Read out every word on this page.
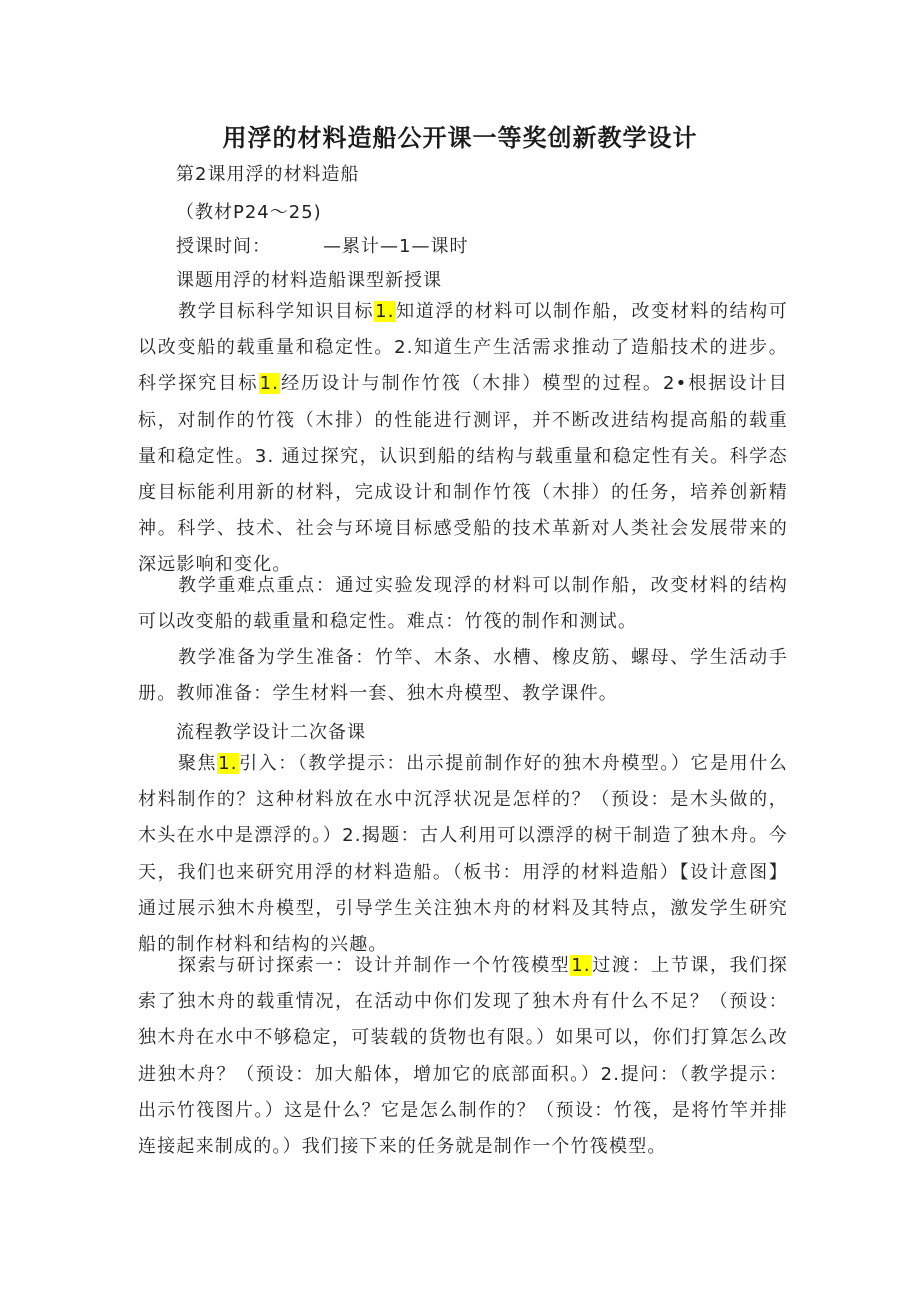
用浮的材料造船公开课一等奖创新教学设计
第2课用浮的材料造船
（教材P24〜25)
授课时间：	—累计—1—课时
课题用浮的材料造船课型新授课

教学目标科学知识目标1.知道浮的材料可以制作船，改变材料的结构可以改变船的载重量和稳定性。2.知道生产生活需求推动了造船技术的进步。科学探究目标1.经历设计与制作竹筏（木排）模型的过程。2•根据设计目标，对制作的竹筏（木排）的性能进行测评，并不断改进结构提高船的载重量和稳定性。3. 通过探究，认识到船的结构与载重量和稳定性有关。科学态度目标能利用新的材料，完成设计和制作竹筏（木排）的任务，培养创新精神。科学、技术、社会与环境目标感受船的技术革新对人类社会发展带来的深远影响和变化。

教学重难点重点：通过实验发现浮的材料可以制作船，改变材料的结构可以改变船的载重量和稳定性。难点：竹筏的制作和测试。

教学准备为学生准备：竹竿、木条、水槽、橡皮筋、螺母、学生活动手册。教师准备：学生材料一套、独木舟模型、教学课件。

流程教学设计二次备课

聚焦1.引入：（教学提示：出示提前制作好的独木舟模型。）它是用什么材料制作的？这种材料放在水中沉浮状况是怎样的？（预设：是木头做的，木头在水中是漂浮的。）2.揭题：古人利用可以漂浮的树干制造了独木舟。今天，我们也来研究用浮的材料造船。（板书：用浮的材料造船）【设计意图】通过展示独木舟模型，引导学生关注独木舟的材料及其特点，激发学生研究船的制作材料和结构的兴趣。

探索与研讨探索一：设计并制作一个竹筏模型1.过渡：上节课，我们探索了独木舟的载重情况，在活动中你们发现了独木舟有什么不足？（预设：独木舟在水中不够稳定，可装载的货物也有限。）如果可以，你们打算怎么改进独木舟？（预设：加大船体，增加它的底部面积。）2.提问：（教学提示：出示竹筏图片。）这是什么？它是怎么制作的？（预设：竹筏，是将竹竿并排连接起来制成的。）我们接下来的任务就是制作一个竹筏模型。
